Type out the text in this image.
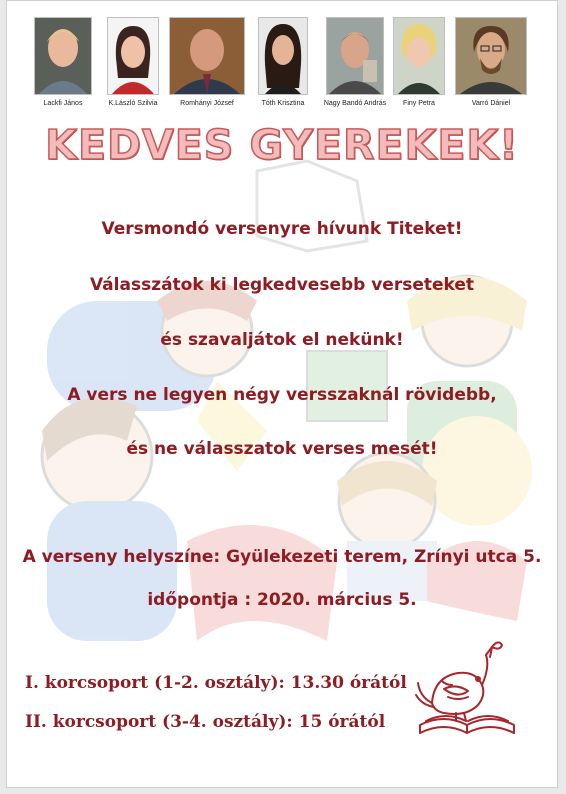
Lackfi János	K.László Szilvia	Romhányi József	Tóth Krisztina	Nagy Bandó András	Finy Petra	Varró Dániel
KEDVES GYEREKEK!
Versmondó versenyre hívunk Titeket!
Válasszátok ki legkedvesebb verseteket
és szavaljátok el nekünk!
A vers ne legyen négy versszaknál rövidebb,
és ne válasszatok verses mesét!
A verseny helyszíne: Gyülekezeti terem, Zrínyi utca 5.
időpontja : 2020. március 5.
I. korcsoport (1-2. osztály): 13.30 órától
II. korcsoport (3-4. osztály): 15 órától
